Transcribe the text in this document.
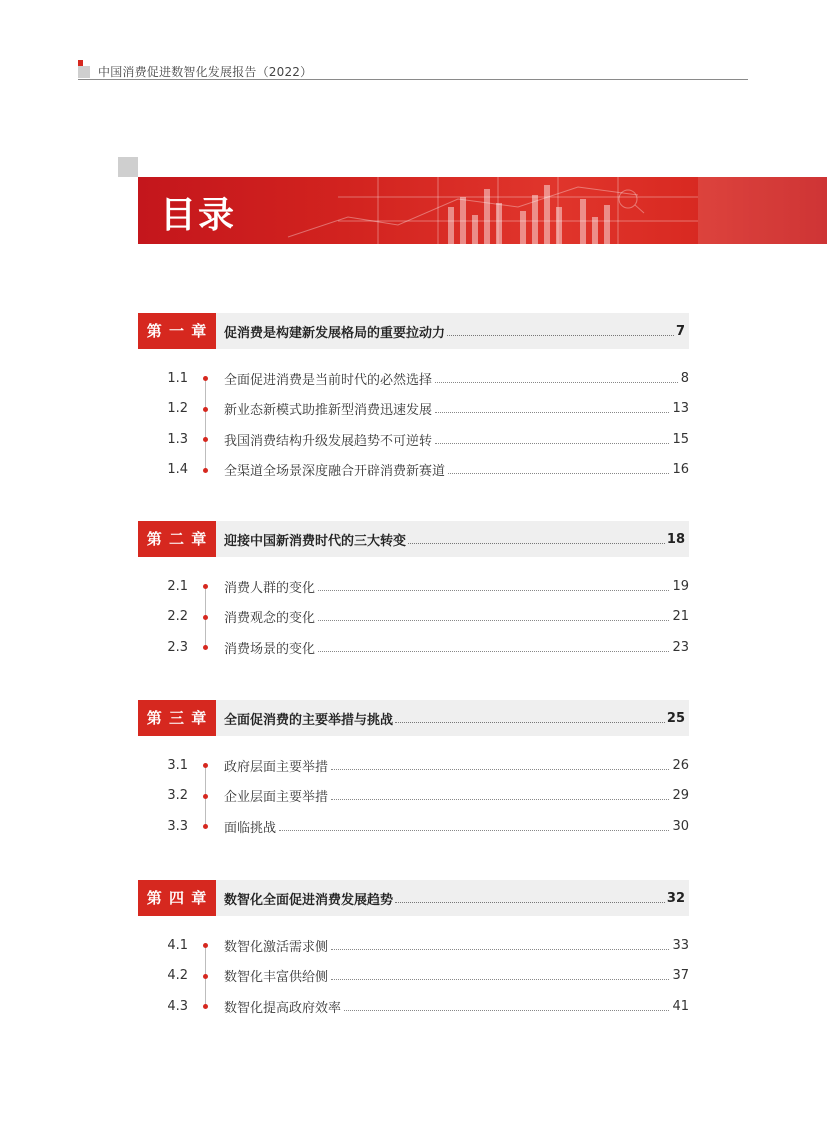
中国消费促进数智化发展报告（2022）
目录
第 一 章	促消费是构建新发展格局的重要拉动力	7
1.1	全面促进消费是当前时代的必然选择	8
1.2	新业态新模式助推新型消费迅速发展	13
1.3	我国消费结构升级发展趋势不可逆转	15
1.4	全渠道全场景深度融合开辟消费新赛道	16
第 二 章	迎接中国新消费时代的三大转变	18
2.1	消费人群的变化	19
2.2	消费观念的变化	21
2.3	消费场景的变化	23
第 三 章	全面促消费的主要举措与挑战	25
3.1	政府层面主要举措	26
3.2	企业层面主要举措	29
3.3	面临挑战	30
第 四 章	数智化全面促进消费发展趋势	32
4.1	数智化激活需求侧	33
4.2	数智化丰富供给侧	37
4.3	数智化提高政府效率	41
